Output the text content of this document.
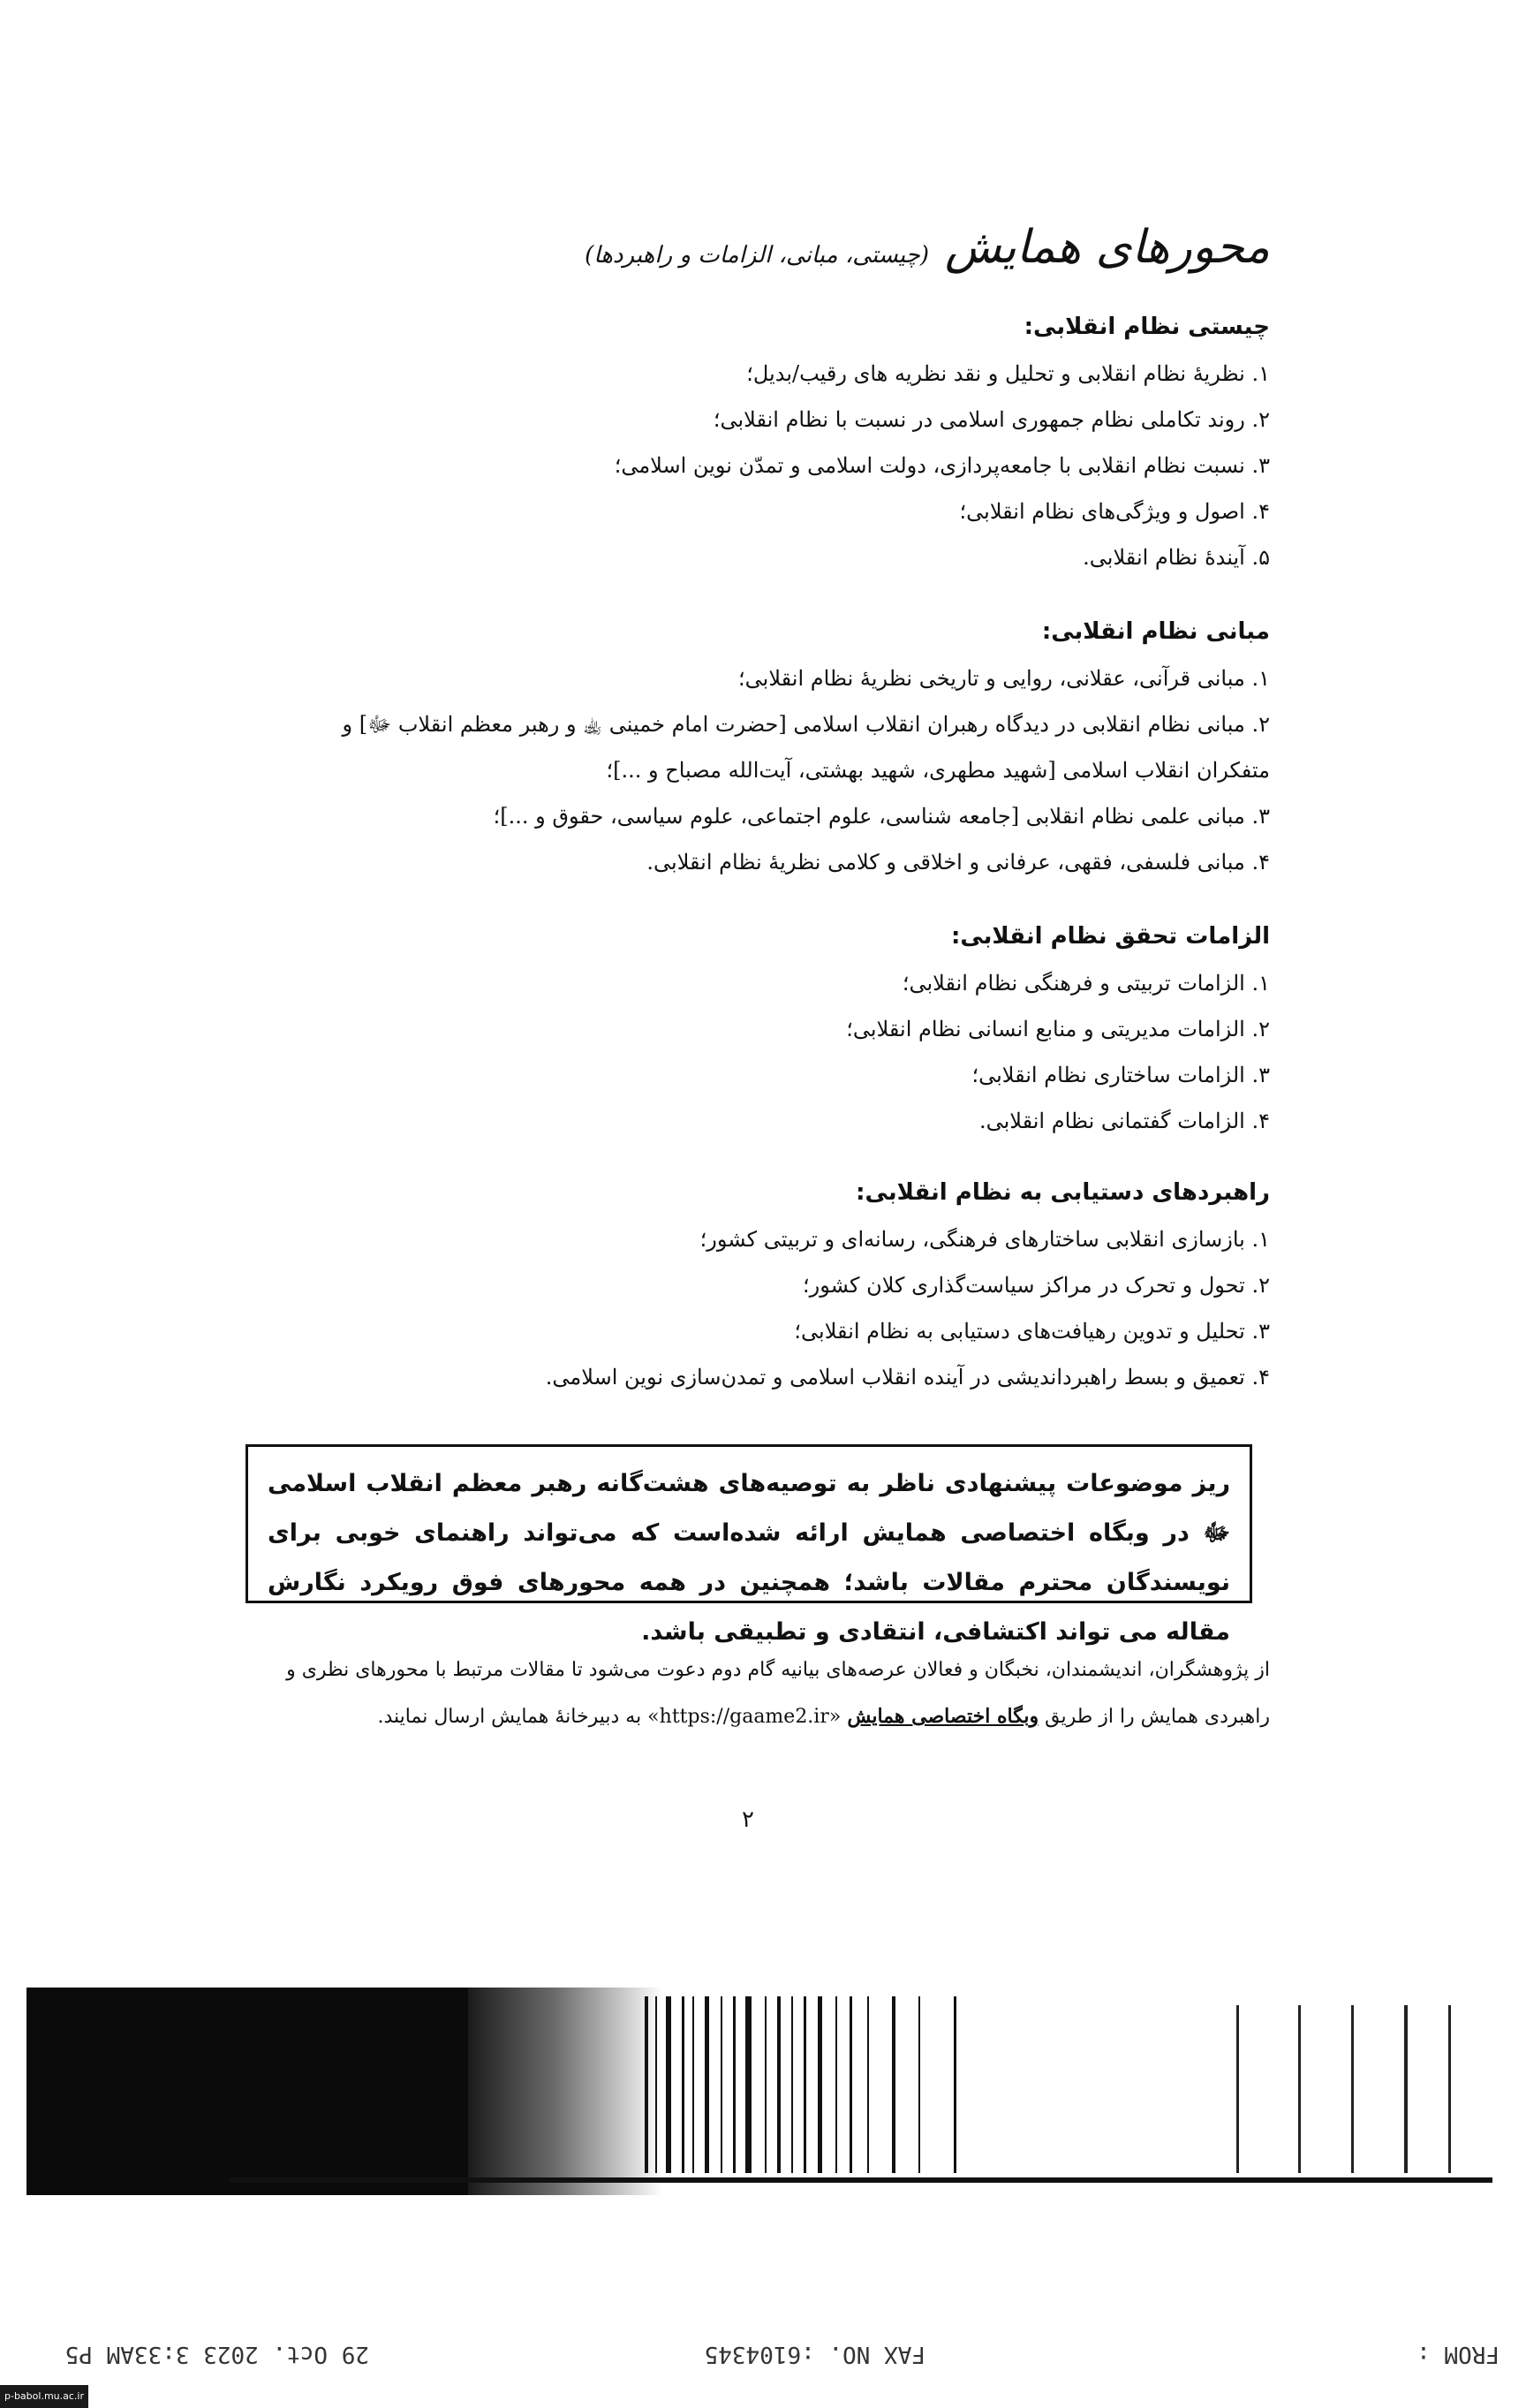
محورهای همایش
(چیستی، مبانی، الزامات و راهبردها)
چیستی نظام انقلابی:
۱. نظریهٔ نظام انقلابی و تحلیل و نقد نظریه های رقیب/بدیل؛
۲. روند تکاملی نظام جمهوری اسلامی در نسبت با نظام انقلابی؛
۳. نسبت نظام انقلابی با جامعه‌پردازی، دولت اسلامی و تمدّن نوین اسلامی؛
۴. اصول و ویژگی‌های نظام انقلابی؛
۵. آیندهٔ نظام انقلابی.
مبانی نظام انقلابی:
۱. مبانی قرآنی، عقلانی، روایی و تاریخی نظریهٔ نظام انقلابی؛
۲. مبانی نظام انقلابی در دیدگاه رهبران انقلاب اسلامی [حضرت امام خمینی ﵀ و رهبر معظم انقلاب ﷻ] و
متفکران انقلاب اسلامی [شهید مطهری، شهید بهشتی، آیت‌الله مصباح و ...]؛
۳. مبانی علمی نظام انقلابی [جامعه شناسی، علوم اجتماعی، علوم سیاسی، حقوق و ...]؛
۴. مبانی فلسفی، فقهی، عرفانی و اخلاقی و کلامی نظریهٔ نظام انقلابی.
الزامات تحقق نظام انقلابی:
۱. الزامات تربیتی و فرهنگی نظام انقلابی؛
۲. الزامات مدیریتی و منابع انسانی نظام انقلابی؛
۳. الزامات ساختاری نظام انقلابی؛
۴. الزامات گفتمانی نظام انقلابی.
راهبردهای دستیابی به نظام انقلابی:
۱. بازسازی انقلابی ساختارهای فرهنگی، رسانه‌ای و تربیتی کشور؛
۲. تحول و تحرک در مراکز سیاست‌گذاری کلان کشور؛
۳. تحلیل و تدوین رهیافت‌های دستیابی به نظام انقلابی؛
۴. تعمیق و بسط راهبرداندیشی در آینده انقلاب اسلامی و تمدن‌سازی نوین اسلامی.
ریز موضوعات پیشنهادی ناظر به توصیه‌های هشت‌گانه رهبر معظم انقلاب اسلامی ﷻ در وبگاه اختصاصی همایش ارائه شده‌است که می‌تواند راهنمای خوبی برای نویسندگان محترم مقالات باشد؛ همچنین در همه محورهای فوق رویکرد نگارش مقاله می تواند اکتشافی، انتقادی و تطبیقی باشد.
از پژوهشگران، اندیشمندان، نخبگان و فعالان عرصه‌های بیانیه گام دوم دعوت می‌شود تا مقالات مرتبط با محورهای نظری و راهبردی همایش را از طریق وبگاه اختصاصی همایش «https://gaame2.ir» به دبیرخانهٔ همایش ارسال نمایند.
۲
29 Oct. 2023 3:33AM P5	FAX NO. :6104345	FROM :
p-babol.mu.ac.ir
